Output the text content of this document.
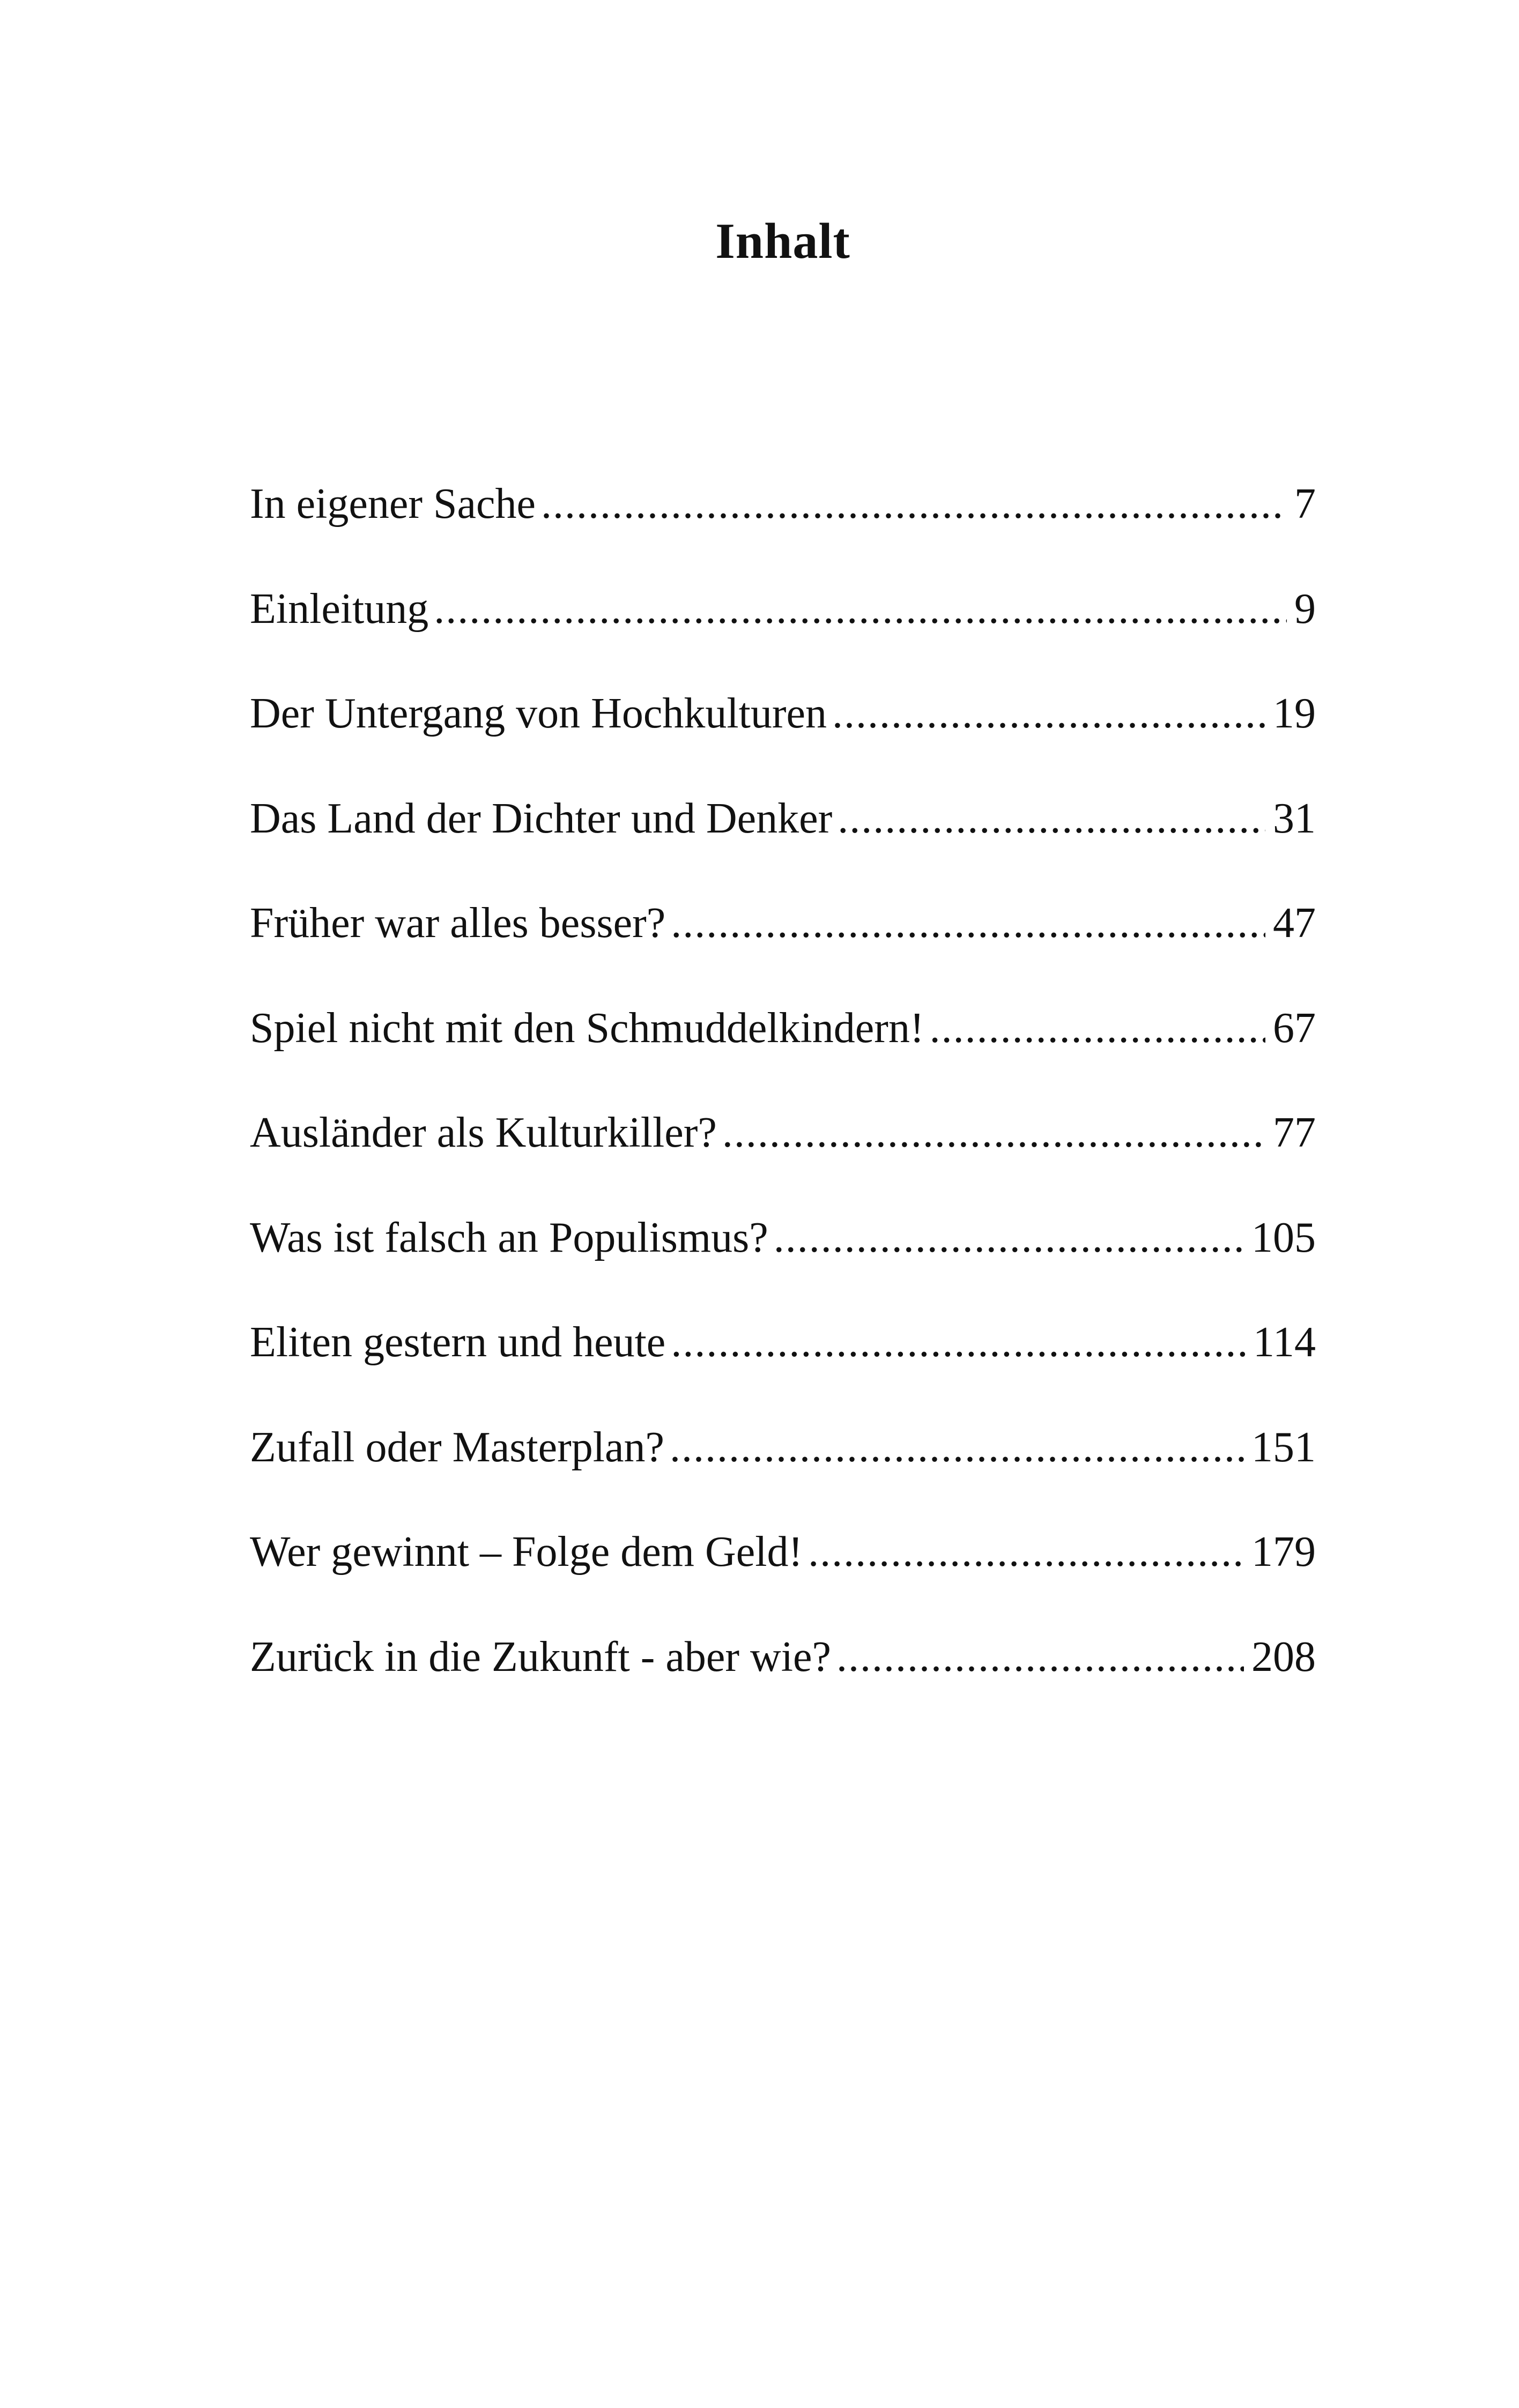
Inhalt
In eigener Sache .....	7
Einleitung .....	9
Der Untergang von Hochkulturen .....	19
Das Land der Dichter und Denker .....	31
Früher war alles besser? .....	47
Spiel nicht mit den Schmuddelkindern! .....	67
Ausländer als Kulturkiller? .....	77
Was ist falsch an Populismus? .....	105
Eliten gestern und heute .....	114
Zufall oder Masterplan? .....	151
Wer gewinnt – Folge dem Geld! .....	179
Zurück in die Zukunft - aber wie? .....	208
